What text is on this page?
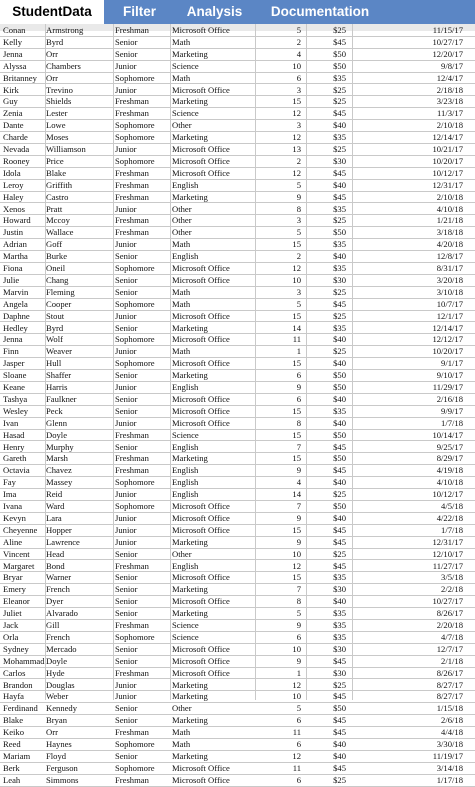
StudentData	Filter	Analysis	Documentation
Conan	Armstrong	Freshman	Microsoft Office	5	$25	11/15/17
Kelly	Byrd	Senior	Math	2	$45	10/27/17
Jenna	Orr	Senior	Marketing	4	$50	12/20/17
Alyssa	Chambers	Junior	Science	10	$50	9/8/17
Britanney	Orr	Sophomore	Math	6	$35	12/4/17
Kirk	Trevino	Junior	Microsoft Office	3	$25	2/18/18
Guy	Shields	Freshman	Marketing	15	$25	3/23/18
Zenia	Lester	Freshman	Science	12	$45	11/3/17
Dante	Lowe	Sophomore	Other	3	$40	2/10/18
Charde	Moses	Sophomore	Marketing	12	$35	12/14/17
Nevada	Williamson	Junior	Microsoft Office	13	$25	10/21/17
Rooney	Price	Sophomore	Microsoft Office	2	$30	10/20/17
Idola	Blake	Freshman	Microsoft Office	12	$45	10/12/17
Leroy	Griffith	Freshman	English	5	$40	12/31/17
Haley	Castro	Freshman	Marketing	9	$45	2/10/18
Xenos	Pratt	Junior	Other	8	$35	4/10/18
Howard	Mccoy	Freshman	Other	3	$25	1/21/18
Justin	Wallace	Freshman	Other	5	$50	3/18/18
Adrian	Goff	Junior	Math	15	$35	4/20/18
Martha	Burke	Senior	English	2	$40	12/8/17
Fiona	Oneil	Sophomore	Microsoft Office	12	$35	8/31/17
Julie	Chang	Senior	Microsoft Office	10	$30	3/20/18
Marvin	Fleming	Senior	Math	3	$25	3/10/18
Angela	Cooper	Sophomore	Math	5	$45	10/7/17
Daphne	Stout	Junior	Microsoft Office	15	$25	12/1/17
Hedley	Byrd	Senior	Marketing	14	$35	12/14/17
Jenna	Wolf	Sophomore	Microsoft Office	11	$40	12/12/17
Finn	Weaver	Junior	Math	1	$25	10/20/17
Jasper	Hull	Sophomore	Microsoft Office	15	$40	9/1/17
Sloane	Shaffer	Senior	Marketing	6	$50	9/10/17
Keane	Harris	Junior	English	9	$50	11/29/17
Tashya	Faulkner	Senior	Microsoft Office	6	$40	2/16/18
Wesley	Peck	Senior	Microsoft Office	15	$35	9/9/17
Ivan	Glenn	Junior	Microsoft Office	8	$40	1/7/18
Hasad	Doyle	Freshman	Science	15	$50	10/14/17
Henry	Murphy	Senior	English	7	$45	9/25/17
Gareth	Marsh	Freshman	Marketing	15	$50	8/29/17
Octavia	Chavez	Freshman	English	9	$45	4/19/18
Fay	Massey	Sophomore	English	4	$40	4/10/18
Ima	Reid	Junior	English	14	$25	10/12/17
Ivana	Ward	Sophomore	Microsoft Office	7	$50	4/5/18
Kevyn	Lara	Junior	Microsoft Office	9	$40	4/22/18
Cheyenne	Hopper	Junior	Microsoft Office	15	$45	1/7/18
Aline	Lawrence	Junior	Marketing	9	$45	12/31/17
Vincent	Head	Senior	Other	10	$25	12/10/17
Margaret	Bond	Freshman	English	12	$45	11/27/17
Bryar	Warner	Senior	Microsoft Office	15	$35	3/5/18
Emery	French	Senior	Marketing	7	$30	2/2/18
Eleanor	Dyer	Senior	Microsoft Office	8	$40	10/27/17
Juliet	Alvarado	Senior	Marketing	5	$35	8/26/17
Jack	Gill	Freshman	Science	9	$35	2/20/18
Orla	French	Sophomore	Science	6	$35	4/7/18
Sydney	Mercado	Senior	Microsoft Office	10	$30	12/7/17
Mohammad Doyle	Senior	Microsoft Office	9	$45	2/1/18
Carlos	Hyde	Freshman	Microsoft Office	1	$30	8/26/17
Brandon	Douglas	Junior	Marketing	12	$25	8/27/17
Hayfa	Weber	Junior	Marketing	10	$45	8/27/17
Ferdinand Kennedy	Senior	Other	5	$50	1/15/18
Blake	Bryan	Senior	Marketing	6	$45	2/6/18
Keiko	Orr	Freshman	Math	11	$45	4/4/18
Reed	Haynes	Sophomore	Math	6	$40	3/30/18
Mariam	Floyd	Senior	Marketing	12	$40	11/19/17
Berk	Ferguson	Sophomore	Microsoft Office	11	$45	3/14/18
Leah	Simmons	Freshman	Microsoft Office	6	$25	1/17/18
